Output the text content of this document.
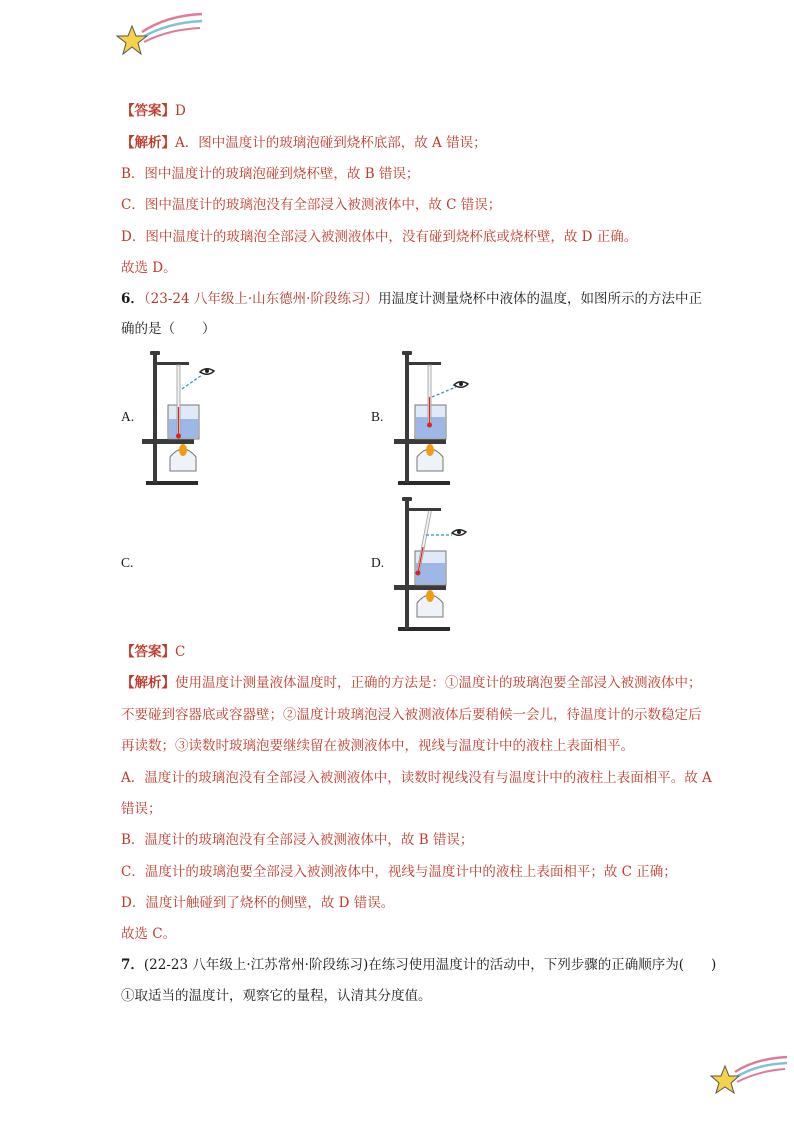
【答案】D
【解析】A．图中温度计的玻璃泡碰到烧杯底部，故 A 错误；
B．图中温度计的玻璃泡碰到烧杯壁，故 B 错误；
C．图中温度计的玻璃泡没有全部浸入被测液体中，故 C 错误；
D．图中温度计的玻璃泡全部浸入被测液体中，没有碰到烧杯底或烧杯壁，故 D 正确。
故选 D。
6．（23-24 八年级上·山东德州·阶段练习）用温度计测量烧杯中液体的温度，如图所示的方法中正
确的是（　　）
A.	B.
C.	D.
【答案】C
【解析】使用温度计测量液体温度时，正确的方法是：①温度计的玻璃泡要全部浸入被测液体中；
不要碰到容器底或容器壁；②温度计玻璃泡浸入被测液体后要稍候一会儿，待温度计的示数稳定后
再读数；③读数时玻璃泡要继续留在被测液体中，视线与温度计中的液柱上表面相平。
A．温度计的玻璃泡没有全部浸入被测液体中，读数时视线没有与温度计中的液柱上表面相平。故 A
错误；
B．温度计的玻璃泡没有全部浸入被测液体中，故 B 错误；
C．温度计的玻璃泡要全部浸入被测液体中，视线与温度计中的液柱上表面相平；故 C 正确；
D．温度计触碰到了烧杯的侧壁，故 D 错误。
故选 C。
7．(22-23 八年级上·江苏常州·阶段练习)在练习使用温度计的活动中，下列步骤的正确顺序为(　　)
①取适当的温度计，观察它的量程，认清其分度值。
